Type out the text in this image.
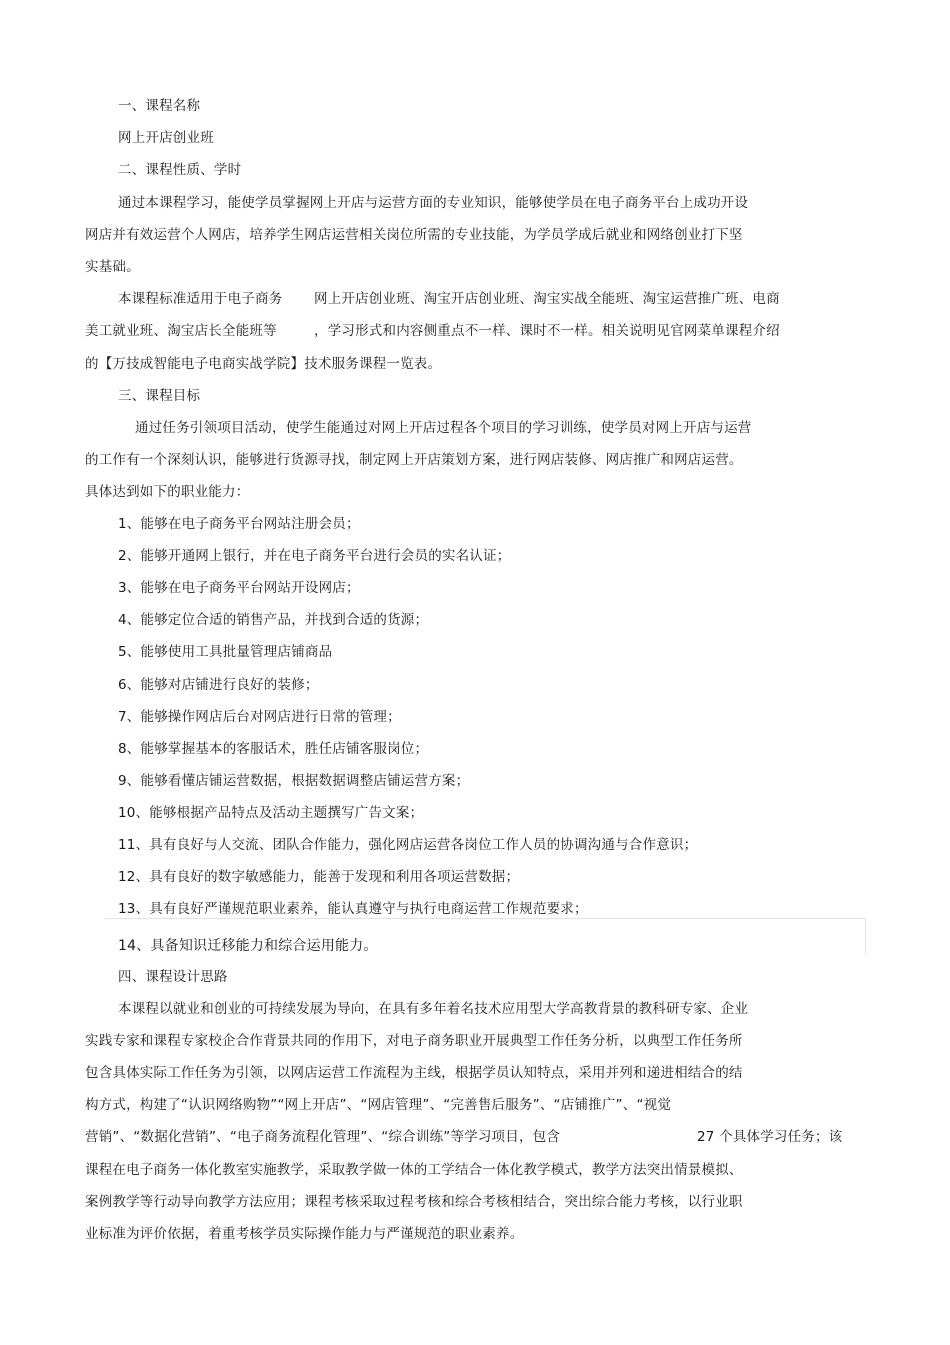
一、课程名称
网上开店创业班
二、课程性质、学时
通过本课程学习，能使学员掌握网上开店与运营方面的专业知识，能够使学员在电子商务平台上成功开设
网店并有效运营个人网店，培养学生网店运营相关岗位所需的专业技能，为学员学成后就业和网络创业打下坚
实基础。
本课程标准适用于电子商务 网上开店创业班、淘宝开店创业班、淘宝实战全能班、淘宝运营推广班、电商
美工就业班、淘宝店长全能班等	，学习形式和内容侧重点不一样、课时不一样。相关说明见官网菜单课程介绍
的【万技成智能电子电商实战学院】技术服务课程一览表。
三、课程目标
通过任务引领项目活动，使学生能通过对网上开店过程各个项目的学习训练，使学员对网上开店与运营
的工作有一个深刻认识，能够进行货源寻找，制定网上开店策划方案，进行网店装修、网店推广和网店运营。
具体达到如下的职业能力：
1、能够在电子商务平台网站注册会员；
2、能够开通网上银行，并在电子商务平台进行会员的实名认证；
3、能够在电子商务平台网站开设网店；
4、能够定位合适的销售产品，并找到合适的货源；
5、能够使用工具批量管理店铺商品
6、能够对店铺进行良好的装修；
7、能够操作网店后台对网店进行日常的管理；
8、能够掌握基本的客服话术，胜任店铺客服岗位；
9、能够看懂店铺运营数据，根据数据调整店铺运营方案；
10、能够根据产品特点及活动主题撰写广告文案；
11、具有良好与人交流、团队合作能力，强化网店运营各岗位工作人员的协调沟通与合作意识；
12、具有良好的数字敏感能力，能善于发现和利用各项运营数据；
13、具有良好严谨规范职业素养，能认真遵守与执行电商运营工作规范要求；
14、具备知识迁移能力和综合运用能力。
四、课程设计思路
本课程以就业和创业的可持续发展为导向，在具有多年着名技术应用型大学高教背景的教科研专家、企业
实践专家和课程专家校企合作背景共同的作用下，对电子商务职业开展典型工作任务分析，以典型工作任务所
包含具体实际工作任务为引领，以网店运营工作流程为主线，根据学员认知特点，采用并列和递进相结合的结
构方式，构建了“认识网络购物”“网上开店”、“网店管理”、“完善售后服务”、“店铺推广”、“视觉
营销”、“数据化营销”、“电子商务流程化管理”、“综合训练”等学习项目，包含	27 个具体学习任务；该
课程在电子商务一体化教室实施教学，采取教学做一体的工学结合一体化教学模式，教学方法突出情景模拟、
案例教学等行动导向教学方法应用；课程考核采取过程考核和综合考核相结合，突出综合能力考核，以行业职
业标准为评价依据，着重考核学员实际操作能力与严谨规范的职业素养。
